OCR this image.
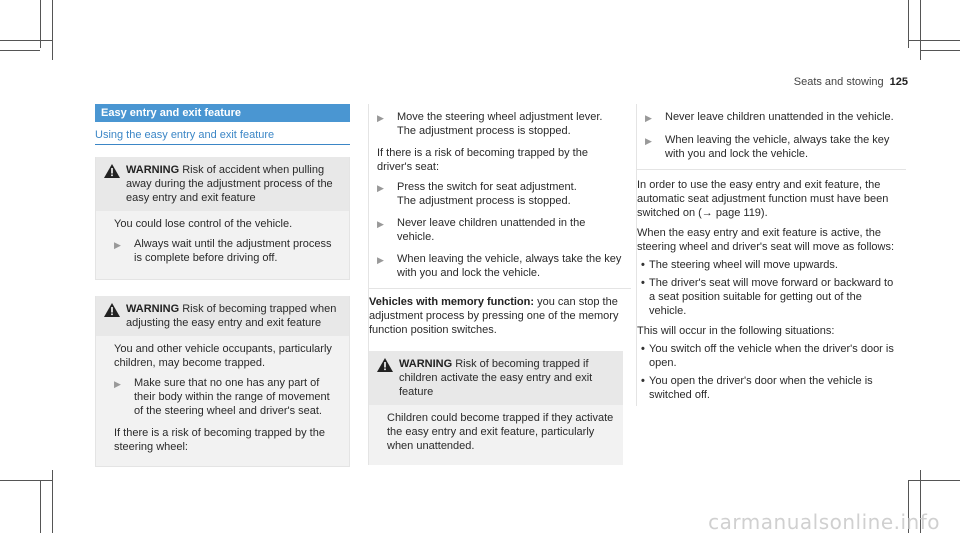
Seats and stowing 125
Easy entry and exit feature
Using the easy entry and exit feature
WARNING Risk of accident when pulling away during the adjustment process of the easy entry and exit feature

You could lose control of the vehicle.

▶	Always wait until the adjustment process is complete before driving off.
WARNING Risk of becoming trapped when adjusting the easy entry and exit feature

You and other vehicle occupants, particularly children, may become trapped.

▶	Make sure that no one has any part of their body within the range of movement of the steering wheel and driver's seat.

If there is a risk of becoming trapped by the steering wheel:

▶	Move the steering wheel adjustment lever.
The adjustment process is stopped.

If there is a risk of becoming trapped by the driver's seat:

▶	Press the switch for seat adjustment.
The adjustment process is stopped.
▶	Never leave children unattended in the vehicle.
▶	When leaving the vehicle, always take the key with you and lock the vehicle.

Vehicles with memory function: you can stop the adjustment process by pressing one of the memory function position switches.

WARNING Risk of becoming trapped if children activate the easy entry and exit feature

Children could become trapped if they activate the easy entry and exit feature, particularly when unattended.

▶	Never leave children unattended in the vehicle.
▶	When leaving the vehicle, always take the key with you and lock the vehicle.

In order to use the easy entry and exit feature, the automatic seat adjustment function must have been switched on (→ page 119).

When the easy entry and exit feature is active, the steering wheel and driver's seat will move as follows:

• The steering wheel will move upwards.
• The driver's seat will move forward or backward to a seat position suitable for getting out of the vehicle.

This will occur in the following situations:

• You switch off the vehicle when the driver's door is open.
• You open the driver's door when the vehicle is switched off.
carmanualsonline.info
